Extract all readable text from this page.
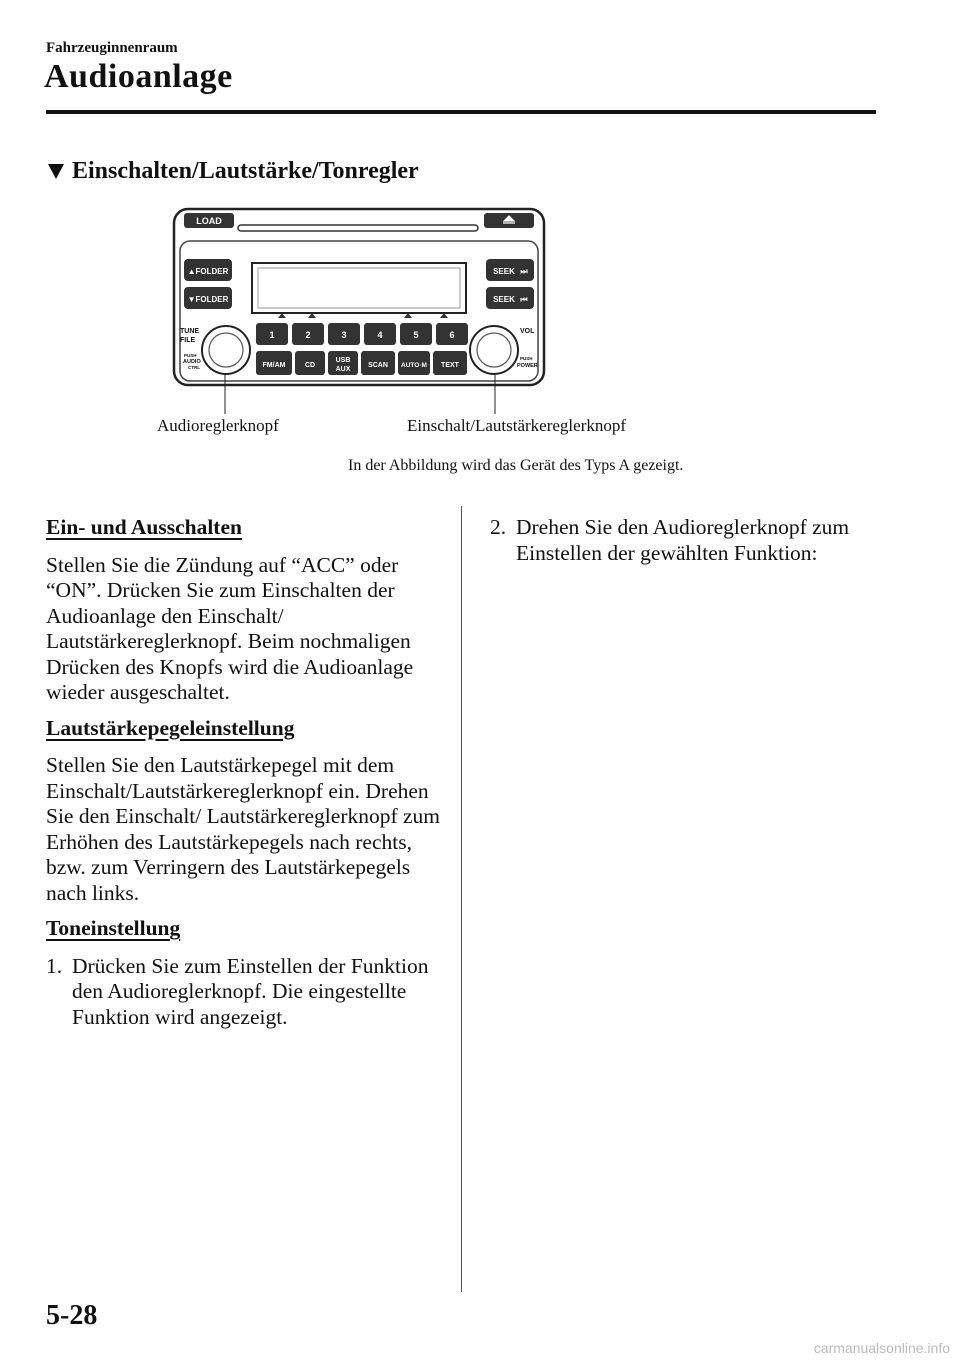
Fahrzeuginnenraum
Audioanlage
Einschalten/Lautstärke/Tonregler
LOAD
▲FOLDER
▼FOLDER
SEEK ⏭
SEEK ⏮
1	2	3	4	5	6
FM/AM	CD
USB
AUX
SCAN AUTO·M TEXT
TUNE
FILE
PUSH
AUDIO
CTRL
VOL
PUSH
POWER
Audioreglerknopf	Einschalt/Lautstärkereglerknopf
In der Abbildung wird das Gerät des Typs A gezeigt.

Ein- und Ausschalten

Stellen Sie die Zündung auf “ACC” oder “ON”. Drücken Sie zum Einschalten der Audioanlage den Einschalt/ Lautstärkereglerknopf. Beim nochmaligen Drücken des Knopfs wird die Audioanlage wieder ausgeschaltet.

Lautstärkepegeleinstellung

Stellen Sie den Lautstärkepegel mit dem Einschalt/Lautstärkereglerknopf ein. Drehen Sie den Einschalt/ Lautstärkereglerknopf zum Erhöhen des Lautstärkepegels nach rechts, bzw. zum Verringern des Lautstärkepegels nach links.

Toneinstellung

1. Drücken Sie zum Einstellen der Funktion den Audioreglerknopf. Die eingestellte Funktion wird angezeigt.
2. Drehen Sie den Audioreglerknopf zum Einstellen der gewählten Funktion:
5-28
carmanualsonline.info
